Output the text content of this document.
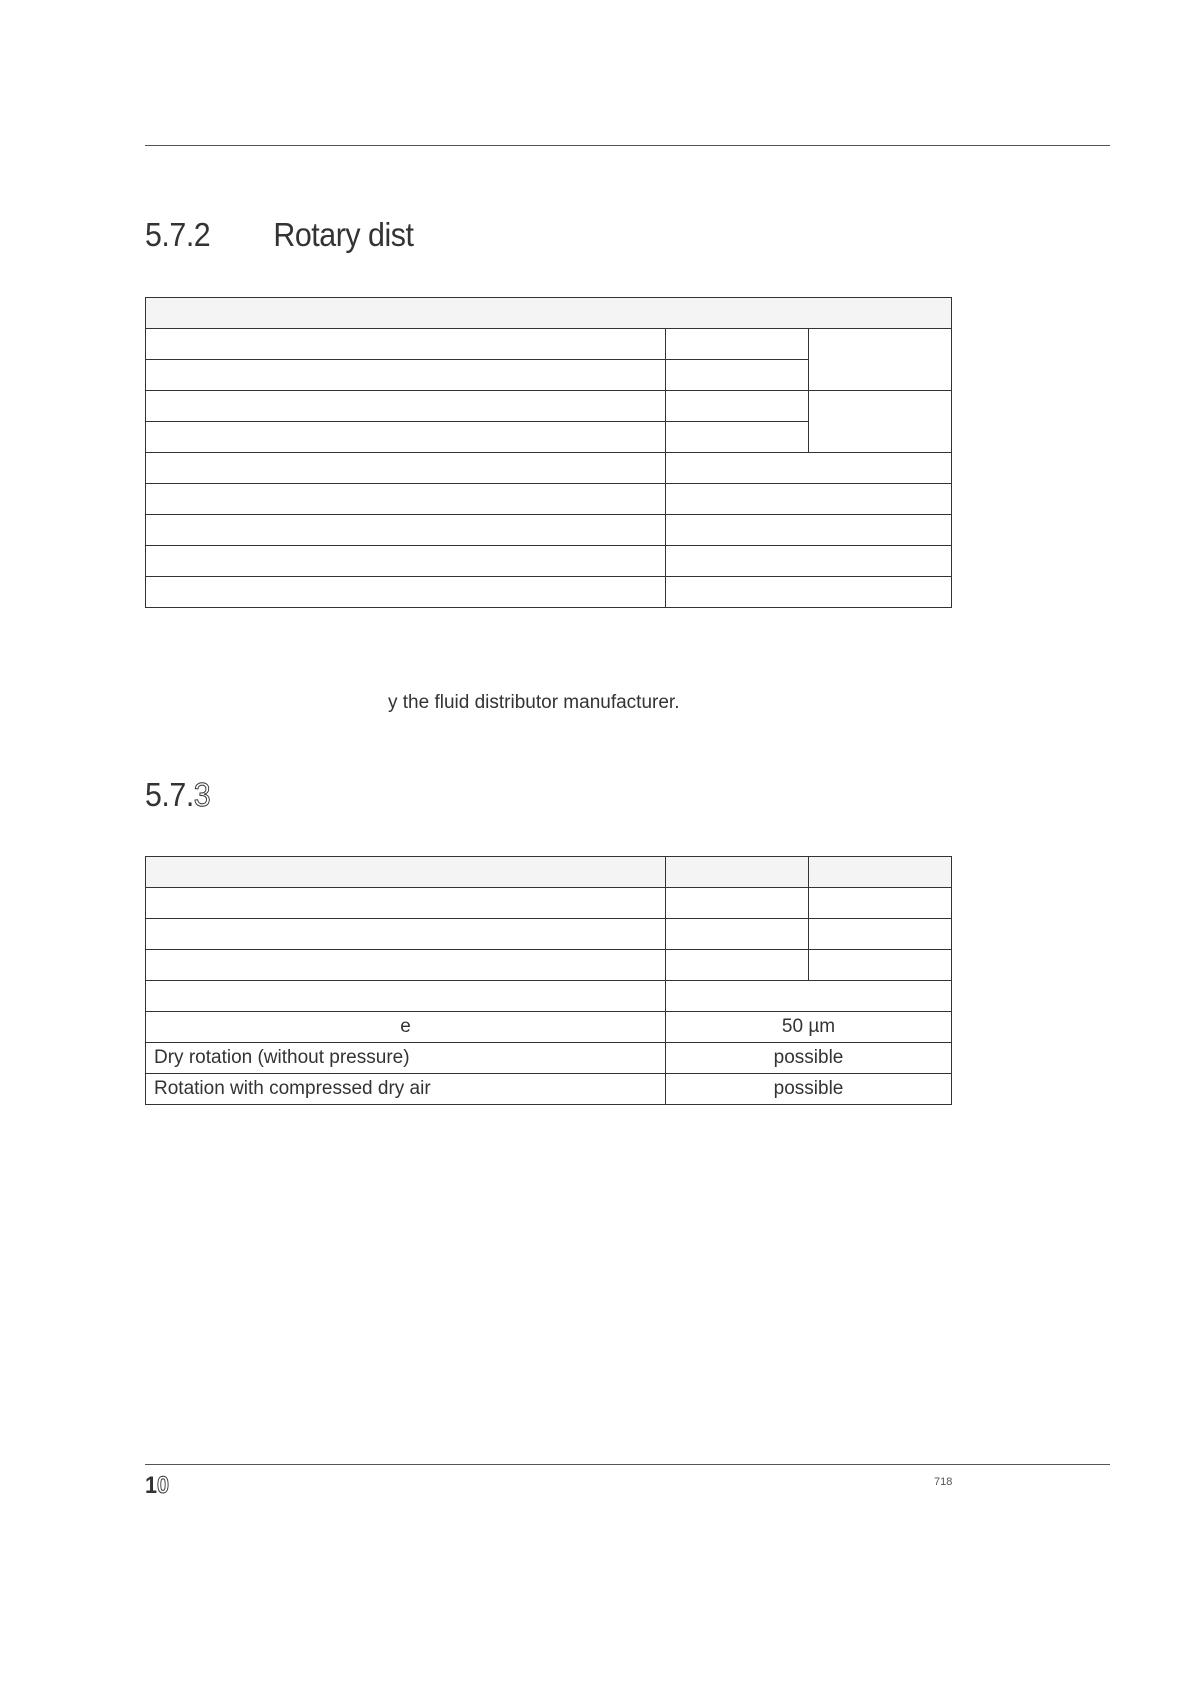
5.7.2 Rotary dist

y the fluid distributor manufacturer.
5.7.3

e	50 µm	
Dry rotation (without pressure)	possible	
Rotation with compressed dry air	possible	
10	718
